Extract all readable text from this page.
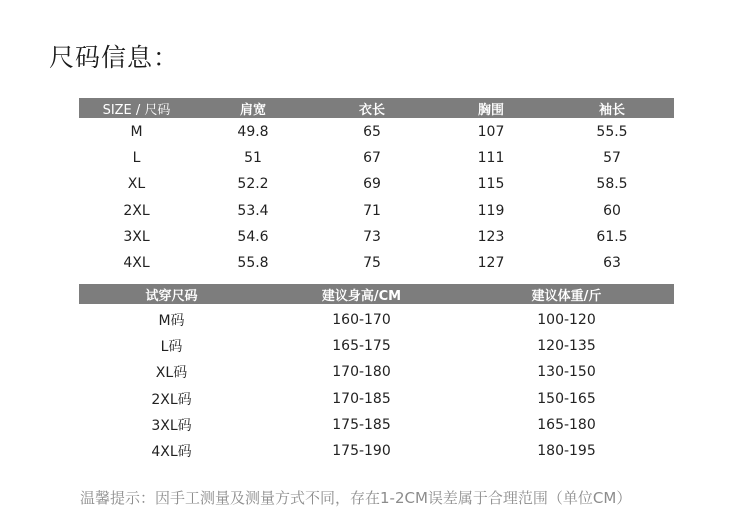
尺码信息：
SIZE / 尺码	肩宽	衣长	胸围	袖长
M	49.8	65	107	55.5
L	51	67	111	57
XL	52.2	69	115	58.5
2XL	53.4	71	119	60
3XL	54.6	73	123	61.5
4XL	55.8	75	127	63
试穿尺码	建议身高/CM	建议体重/斤
M码	160-170	100-120
L码	165-175	120-135
XL码	170-180	130-150
2XL码	170-185	150-165
3XL码	175-185	165-180
4XL码	175-190	180-195
温馨提示：因手工测量及测量方式不同，存在1-2CM误差属于合理范围（单位CM）
